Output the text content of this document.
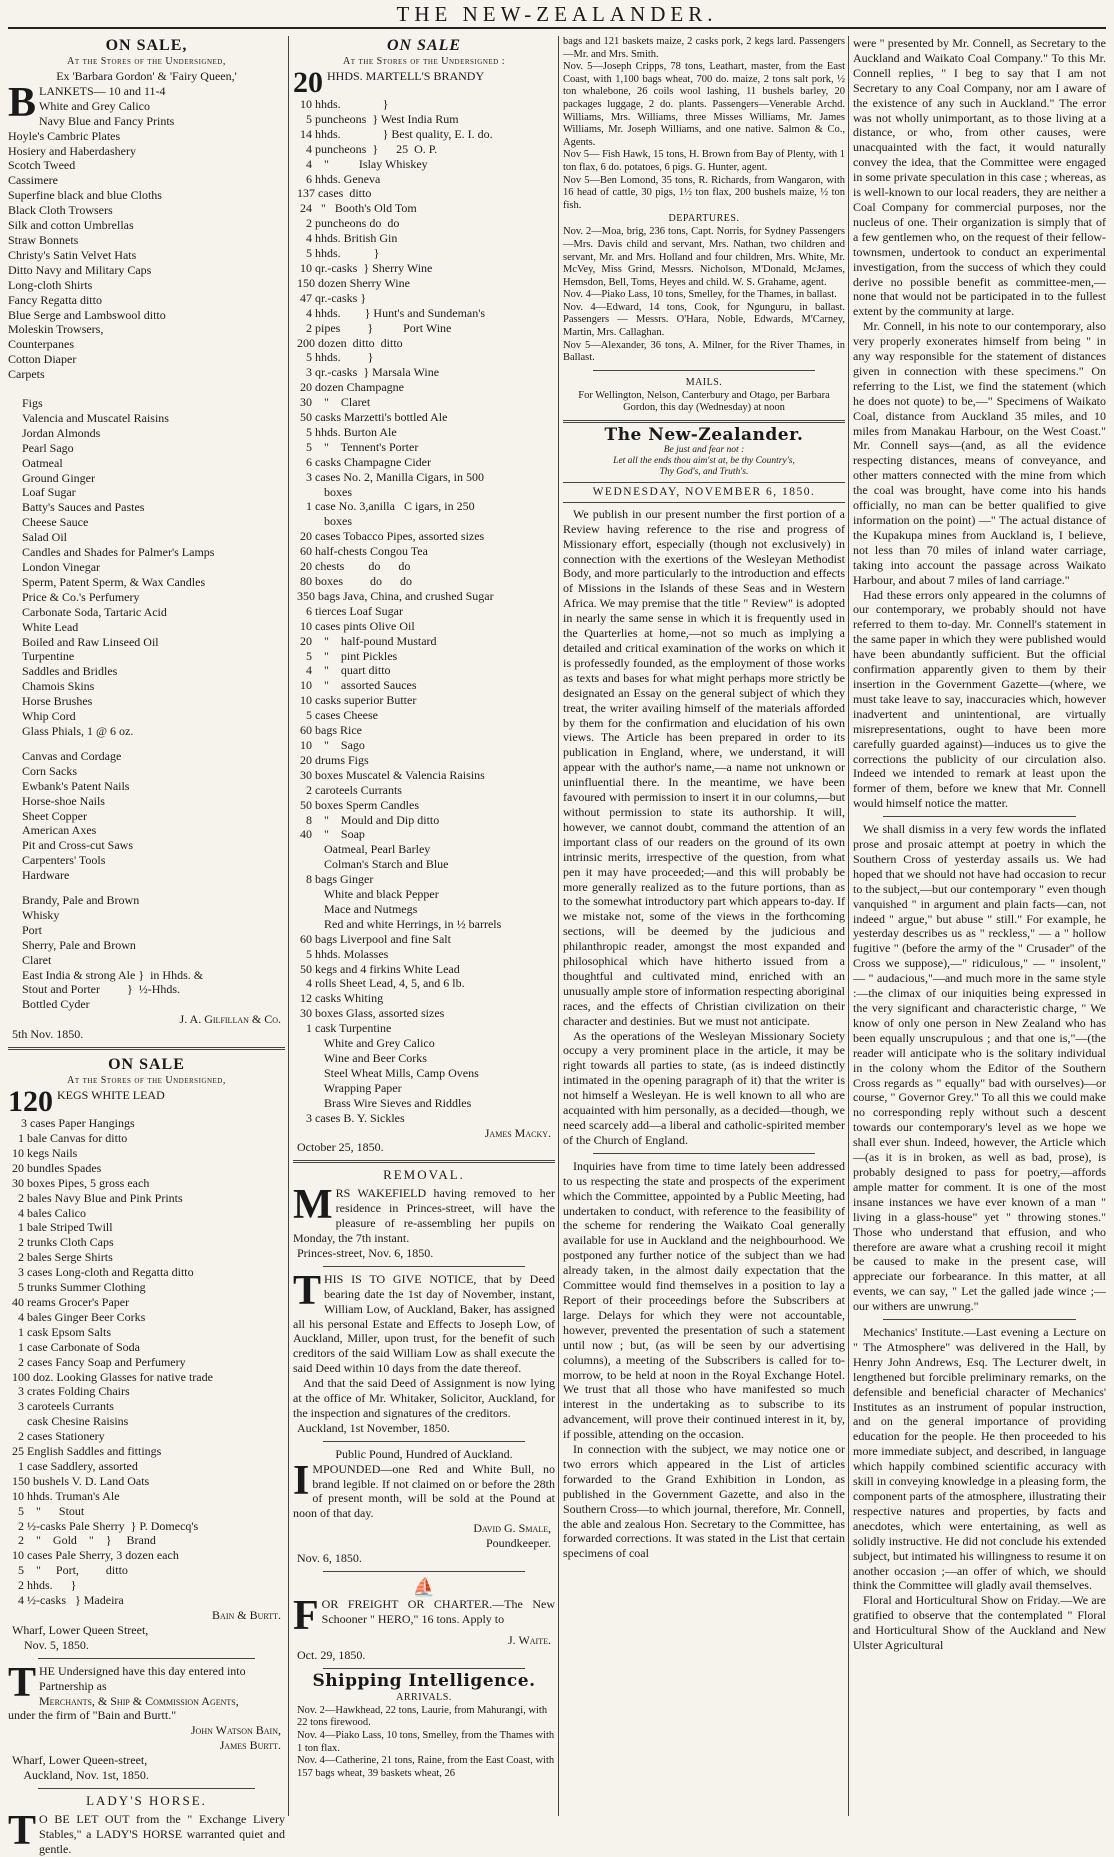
THE NEW-ZEALANDER.
ON SALE,
At the Stores of the Undersigned,
Ex 'Barbara Gordon' & 'Fairy Queen,'
B LANKETS— 10 and 11-4
White and Grey Calico
Navy Blue and Fancy Prints
Hoyle's Cambric Plates
Hosiery and Haberdashery
Scotch Tweed
Cassimere
Superfine black and blue Cloths
Black Cloth Trowsers
Silk and cotton Umbrellas
Straw Bonnets
Christy's Satin Velvet Hats
Ditto Navy and Military Caps
Long-cloth Shirts
Fancy Regatta ditto
Blue Serge and Lambswool ditto
Moleskin Trowsers,
Counterpanes
Cotton Diaper
Carpets
Figs
Valencia and Muscatel Raisins
Jordan Almonds
Pearl Sago
Oatmeal
Ground Ginger
Loaf Sugar
Batty's Sauces and Pastes
Cheese Sauce
Salad Oil
Candles and Shades for Palmer's Lamps
London Vinegar
Sperm, Patent Sperm, & Wax Candles
Price & Co.'s Perfumery
Carbonate Soda, Tartaric Acid
White Lead
Boiled and Raw Linseed Oil
Turpentine
Saddles and Bridles
Chamois Skins
Horse Brushes
Whip Cord
Glass Phials, 1 @ 6 oz.
Canvas and Cordage
Corn Sacks
Ewbank's Patent Nails
Horse-shoe Nails
Sheet Copper
American Axes
Pit and Cross-cut Saws
Carpenters' Tools
Hardware
Brandy, Pale and Brown
Whisky
Port
Sherry, Pale and Brown
Claret
East India & strong Ale }  in Hhds. &
Stout and Porter         }  ½-Hhds.
Bottled Cyder
J. A. Gilfillan & Co.
5th Nov. 1850.
ON SALE
At the Stores of the Undersigned,
120 KEGS WHITE LEAD
3 cases Paper Hangings
1 bale Canvas for ditto
10 kegs Nails
20 bundles Spades
30 boxes Pipes, 5 gross each
2 bales Navy Blue and Pink Prints
4 bales Calico
1 bale Striped Twill
2 trunks Cloth Caps
2 bales Serge Shirts
3 cases Long-cloth and Regatta ditto
5 trunks Summer Clothing
40 reams Grocer's Paper
4 bales Ginger Beer Corks
1 cask Epsom Salts
1 case Carbonate of Soda
2 cases Fancy Soap and Perfumery
100 doz. Looking Glasses for native trade
3 crates Folding Chairs
3 caroteels Currants
cask Chesine Raisins
2 cases Stationery
25 English Saddles and fittings
1 case Saddlery, assorted
150 bushels V. D. Land Oats
10 hhds. Truman's Ale
5    "      Stout
2 ½-casks Pale Sherry  } P. Domecq's
2    "    Gold    "    }     Brand
10 cases Pale Sherry, 3 dozen each
5    "     Port,         ditto
2 hhds.      }
4 ½-casks   } Madeira
Bain & Burtt.
Wharf, Lower Queen Street,
Nov. 5, 1850.
T HE Undersigned have this day entered into Partnership as
Merchants, & Ship & Commission Agents,
under the firm of "Bain and Burtt."
John Watson Bain,
James Burtt.
Wharf, Lower Queen-street,
Auckland, Nov. 1st, 1850.
LADY'S HORSE.
T O BE LET OUT from the " Exchange Livery Stables," a LADY'S HORSE warranted quiet and gentle.
ON SALE
At the Stores of the Undersigned :
20 HHDS. MARTELL'S BRANDY
10 hhds.              }
5 puncheons  } West India Rum
14 hhds.              } Best quality, E. I. do.
4 puncheons  }      25  O. P.
4    "          Islay Whiskey
6 hhds. Geneva
137 cases  ditto
24   "   Booth's Old Tom
2 puncheons do  do
4 hhds. British Gin
5 hhds.           }
10 qr.-casks  } Sherry Wine
150 dozen Sherry Wine
47 qr.-casks }
4 hhds.        } Hunt's and Sundeman's
2 pipes         }          Port Wine
200 dozen  ditto  ditto
5 hhds.         }
3 qr.-casks  } Marsala Wine
20 dozen Champagne
30    "    Claret
50 casks Marzetti's bottled Ale
5 hhds. Burton Ale
5    "    Tennent's Porter
6 casks Champagne Cider
3 cases No. 2, Manilla Cigars, in 500
boxes
1 case No. 3,anilla   C igars, in 250
boxes
20 cases Tobacco Pipes, assorted sizes
60 half-chests Congou Tea
20 chests        do      do
80 boxes         do      do
350 bags Java, China, and crushed Sugar
6 tierces Loaf Sugar
10 cases pints Olive Oil
20    "    half-pound Mustard
5    "    pint Pickles
4    "    quart ditto
10    "    assorted Sauces
10 casks superior Butter
5 cases Cheese
60 bags Rice
10    "    Sago
20 drums Figs
30 boxes Muscatel & Valencia Raisins
2 caroteels Currants
50 boxes Sperm Candles
8    "    Mould and Dip ditto
40    "    Soap
Oatmeal, Pearl Barley
Colman's Starch and Blue
8 bags Ginger
White and black Pepper
Mace and Nutmegs
Red and white Herrings, in ½ barrels
60 bags Liverpool and fine Salt
5 hhds. Molasses
50 kegs and 4 firkins White Lead
4 rolls Sheet Lead, 4, 5, and 6 lb.
12 casks Whiting
30 boxes Glass, assorted sizes
1 cask Turpentine
White and Grey Calico
Wine and Beer Corks
Steel Wheat Mills, Camp Ovens
Wrapping Paper
Brass Wire Sieves and Riddles
3 cases B. Y. Sickles
James Macky.
October 25, 1850.
REMOVAL.
M RS WAKEFIELD having removed to her residence in Princes-street, will have the pleasure of re-assembling her pupils on Monday, the 7th instant.
Princes-street, Nov. 6, 1850.
T HIS IS TO GIVE NOTICE, that by Deed bearing date the 1st day of November, instant, William Low, of Auckland, Baker, has assigned all his personal Estate and Effects to Joseph Low, of Auckland, Miller, upon trust, for the benefit of such creditors of the said William Low as shall execute the said Deed within 10 days from the date thereof.
And that the said Deed of Assignment is now lying at the office of Mr. Whitaker, Solicitor, Auckland, for the inspection and signatures of the creditors.
Auckland, 1st November, 1850.
Public Pound, Hundred of Auckland.
I MPOUNDED—one Red and White Bull, no brand legible. If not claimed on or before the 28th of present month, will be sold at the Pound at noon of that day.
David G. Smale,
Poundkeeper.
Nov. 6, 1850.
⛵
F OR FREIGHT OR CHARTER.—The New Schooner " HERO," 16 tons. Apply to
J. Waite.
Oct. 29, 1850.
Shipping Intelligence.
ARRIVALS.
Nov. 2—Hawkhead, 22 tons, Laurie, from Mahurangi, with 22 tons firewood.
Nov. 4—Piako Lass, 10 tons, Smelley, from the Thames with 1 ton flax.
Nov. 4—Catherine, 21 tons, Raine, from the East Coast, with 157 bags wheat, 39 baskets wheat, 26
bags and 121 baskets maize, 2 casks pork, 2 kegs lard. Passengers—Mr. and Mrs. Smith.
Nov. 5—Joseph Cripps, 78 tons, Leathart, master, from the East Coast, with 1,100 bags wheat, 700 do. maize, 2 tons salt pork, ½ ton whalebone, 26 coils wool lashing, 11 bushels barley, 20 packages luggage, 2 do. plants. Passengers—Venerable Archd. Williams, Mrs. Williams, three Misses Williams, Mr. James Williams, Mr. Joseph Williams, and one native. Salmon & Co., Agents.
Nov 5— Fish Hawk, 15 tons, H. Brown from Bay of Plenty, with 1 ton flax, 6 do. potatoes, 6 pigs. G. Hunter, agent.
Nov 5—Ben Lomond, 35 tons, R. Richards, from Wangaron, with 16 head of cattle, 30 pigs, 1½ ton flax, 200 bushels maize, ½ ton fish.
DEPARTURES.
Nov. 2—Moa, brig, 236 tons, Capt. Norris, for Sydney Passengers—Mrs. Davis child and servant, Mrs. Nathan, two children and servant, Mr. and Mrs. Holland and four children, Mrs. White, Mr. McVey, Miss Grind, Messrs. Nicholson, M'Donald, McJames, Hemsdon, Bell, Toms, Heyes and child. W. S. Grahame, agent.
Nov. 4—Piako Lass, 10 tons, Smelley, for the Thames, in ballast.
Nov. 4—Edward, 14 tons, Cook, for Ngunguru, in ballast. Passengers — Messrs. O'Hara, Noble, Edwards, M'Carney, Martin, Mrs. Callaghan.
Nov 5—Alexander, 36 tons, A. Milner, for the River Thames, in Ballast.
MAILS.
For Wellington, Nelson, Canterbury and Otago, per Barbara Gordon, this day (Wednesday) at noon
The New-Zealander.
Be just and fear not :
Let all the ends thou aim'st at, be thy Country's,
Thy God's, and Truth's.
WEDNESDAY, NOVEMBER 6, 1850.
We publish in our present number the first portion of a Review having reference to the rise and progress of Missionary effort, especially (though not exclusively) in connection with the exertions of the Wesleyan Methodist Body, and more particularly to the introduction and effects of Missions in the Islands of these Seas and in Western Africa. We may premise that the title " Review" is adopted in nearly the same sense in which it is frequently used in the Quarterlies at home,—not so much as implying a detailed and critical examination of the works on which it is professedly founded, as the employment of those works as texts and bases for what might perhaps more strictly be designated an Essay on the general subject of which they treat, the writer availing himself of the materials afforded by them for the confirmation and elucidation of his own views. The Article has been prepared in order to its publication in England, where, we understand, it will appear with the author's name,—a name not unknown or uninfluential there. In the meantime, we have been favoured with permission to insert it in our columns,—but without permission to state its authorship. It will, however, we cannot doubt, command the attention of an important class of our readers on the ground of its own intrinsic merits, irrespective of the question, from what pen it may have proceeded;—and this will probably be more generally realized as to the future portions, than as to the somewhat introductory part which appears to-day. If we mistake not, some of the views in the forthcoming sections, will be deemed by the judicious and philanthropic reader, amongst the most expanded and philosophical which have hitherto issued from a thoughtful and cultivated mind, enriched with an unusually ample store of information respecting aboriginal races, and the effects of Christian civilization on their character and destinies. But we must not anticipate.
As the operations of the Wesleyan Missionary Society occupy a very prominent place in the article, it may be right towards all parties to state, (as is indeed distinctly intimated in the opening paragraph of it) that the writer is not himself a Wesleyan. He is well known to all who are acquainted with him personally, as a decided—though, we need scarcely add—a liberal and catholic-spirited member of the Church of England.
Inquiries have from time to time lately been addressed to us respecting the state and prospects of the experiment which the Committee, appointed by a Public Meeting, had undertaken to conduct, with reference to the feasibility of the scheme for rendering the Waikato Coal generally available for use in Auckland and the neighbourhood. We postponed any further notice of the subject than we had already taken, in the almost daily expectation that the Committee would find themselves in a position to lay a Report of their proceedings before the Subscribers at large. Delays for which they were not accountable, however, prevented the presentation of such a statement until now ; but, (as will be seen by our advertising columns), a meeting of the Subscribers is called for to-morrow, to be held at noon in the Royal Exchange Hotel. We trust that all those who have manifested so much interest in the undertaking as to subscribe to its advancement, will prove their continued interest in it, by, if possible, attending on the occasion.
In connection with the subject, we may notice one or two errors which appeared in the List of articles forwarded to the Grand Exhibition in London, as published in the Government Gazette, and also in the Southern Cross—to which journal, therefore, Mr. Connell, the able and zealous Hon. Secretary to the Committee, has forwarded corrections. It was stated in the List that certain specimens of coal
were " presented by Mr. Connell, as Secretary to the Auckland and Waikato Coal Company." To this Mr. Connell replies, " I beg to say that I am not Secretary to any Coal Company, nor am I aware of the existence of any such in Auckland." The error was not wholly unimportant, as to those living at a distance, or who, from other causes, were unacquainted with the fact, it would naturally convey the idea, that the Committee were engaged in some private speculation in this case ; whereas, as is well-known to our local readers, they are neither a Coal Company for commercial purposes, nor the nucleus of one. Their organization is simply that of a few gentlemen who, on the request of their fellow-townsmen, undertook to conduct an experimental investigation, from the success of which they could derive no possible benefit as committee-men,—none that would not be participated in to the fullest extent by the community at large.
Mr. Connell, in his note to our contemporary, also very properly exonerates himself from being " in any way responsible for the statement of distances given in connection with these specimens." On referring to the List, we find the statement (which he does not quote) to be,—" Specimens of Waikato Coal, distance from Auckland 35 miles, and 10 miles from Manakau Harbour, on the West Coast." Mr. Connell says—(and, as all the evidence respecting distances, means of conveyance, and other matters connected with the mine from which the coal was brought, have come into his hands officially, no man can be better qualified to give information on the point) —" The actual distance of the Kupakupa mines from Auckland is, I believe, not less than 70 miles of inland water carriage, taking into account the passage across Waikato Harbour, and about 7 miles of land carriage."
Had these errors only appeared in the columns of our contemporary, we probably should not have referred to them to-day. Mr. Connell's statement in the same paper in which they were published would have been abundantly sufficient. But the official confirmation apparently given to them by their insertion in the Government Gazette—(where, we must take leave to say, inaccuracies which, however inadvertent and unintentional, are virtually misrepresentations, ought to have been more carefully guarded against)—induces us to give the corrections the publicity of our circulation also. Indeed we intended to remark at least upon the former of them, before we knew that Mr. Connell would himself notice the matter.
We shall dismiss in a very few words the inflated prose and prosaic attempt at poetry in which the Southern Cross of yesterday assails us. We had hoped that we should not have had occasion to recur to the subject,—but our contemporary " even though vanquished " in argument and plain facts—can, not indeed " argue," but abuse " still." For example, he yesterday describes us as " reckless," — a " hollow fugitive " (before the army of the " Crusader" of the Cross we suppose),—" ridiculous," — " insolent," — " audacious,"—and much more in the same style :—the climax of our iniquities being expressed in the very significant and characteristic charge, " We know of only one person in New Zealand who has been equally unscrupulous ; and that one is,"—(the reader will anticipate who is the solitary individual in the colony whom the Editor of the Southern Cross regards as " equally" bad with ourselves)—or course, " Governor Grey." To all this we could make no corresponding reply without such a descent towards our contemporary's level as we hope we shall ever shun. Indeed, however, the Article which—(as it is in broken, as well as bad, prose), is probably designed to pass for poetry,—affords ample matter for comment. It is one of the most insane instances we have ever known of a man " living in a glass-house" yet " throwing stones." Those who understand that effusion, and who therefore are aware what a crushing recoil it might be caused to make in the present case, will appreciate our forbearance. In this matter, at all events, we can say, " Let the galled jade wince ;—our withers are unwrung."
Mechanics' Institute.—Last evening a Lecture on " The Atmosphere" was delivered in the Hall, by Henry John Andrews, Esq. The Lecturer dwelt, in lengthened but forcible preliminary remarks, on the defensible and beneficial character of Mechanics' Institutes as an instrument of popular instruction, and on the general importance of providing education for the people. He then proceeded to his more immediate subject, and described, in language which happily combined scientific accuracy with skill in conveying knowledge in a pleasing form, the component parts of the atmosphere, illustrating their respective natures and properties, by facts and anecdotes, which were entertaining, as well as solidly instructive. He did not conclude his extended subject, but intimated his willingness to resume it on another occasion ;—an offer of which, we should think the Committee will gladly avail themselves.
Floral and Horticultural Show on Friday.—We are gratified to observe that the contemplated " Floral and Horticultural Show of the Auckland and New Ulster Agricultural
